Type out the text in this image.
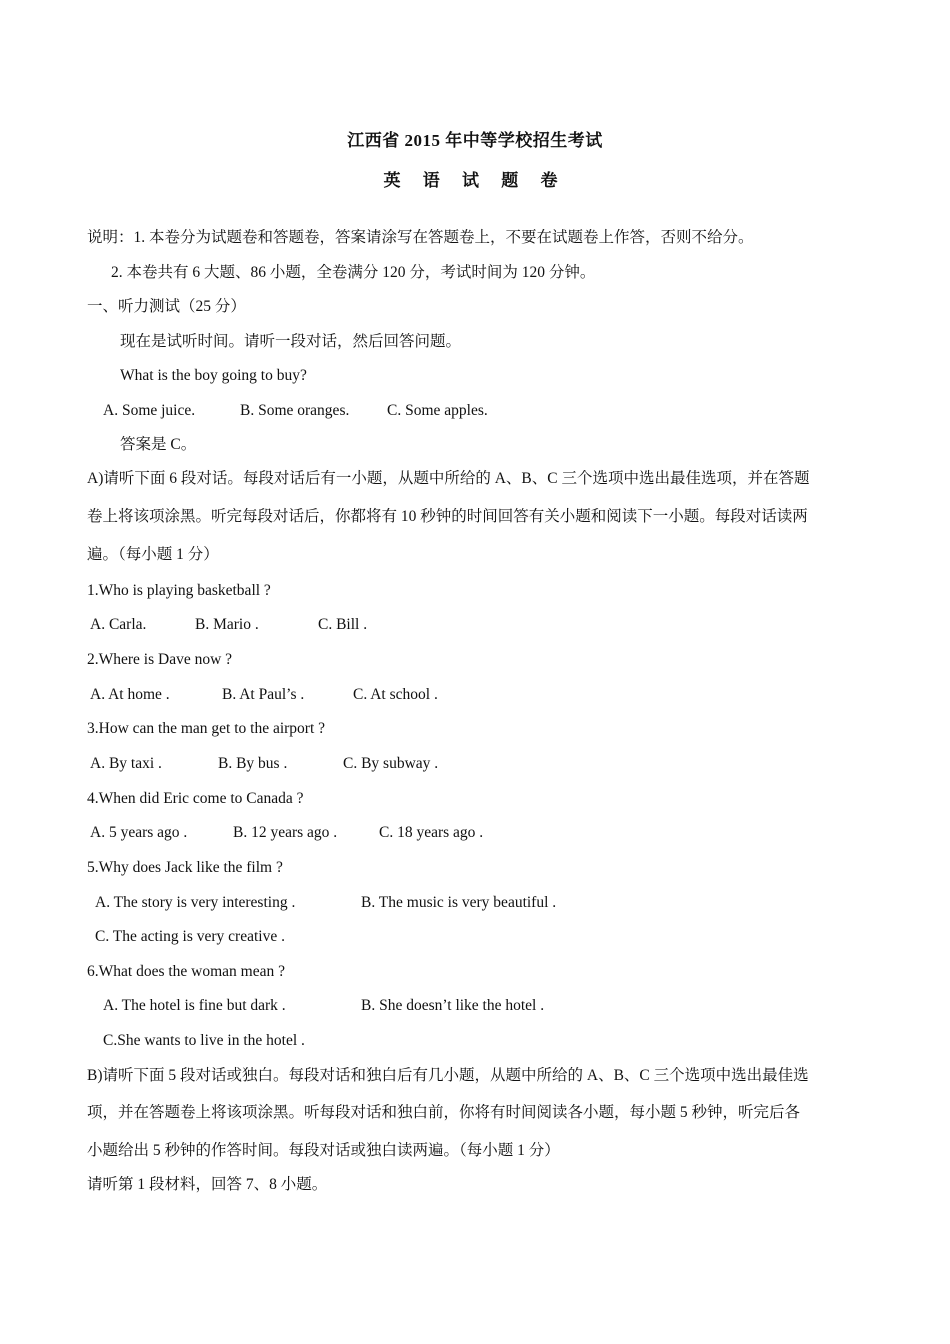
江西省 2015 年中等学校招生考试
英 语 试 题 卷
说明：1. 本卷分为试题卷和答题卷，答案请涂写在答题卷上，不要在试题卷上作答，否则不给分。
2. 本卷共有 6 大题、86 小题，全卷满分 120 分，考试时间为 120 分钟。
一、听力测试（25 分）
现在是试听时间。请听一段对话，然后回答问题。
What is the boy going to buy?
A. Some juice.	B. Some oranges. C. Some apples.
答案是 C。
A)请听下面 6 段对话。每段对话后有一小题，从题中所给的 A、B、C 三个选项中选出最佳选项，并在答题
卷上将该项涂黑。听完每段对话后，你都将有 10 秒钟的时间回答有关小题和阅读下一小题。每段对话读两
遍。（每小题 1 分）
1.Who is playing basketball ?
A. Carla.	B. Mario .	C. Bill .
2.Where is Dave now ?
A. At home .	B. At Paul’s .	C. At school .
3.How can the man get to the airport ?
A. By taxi .	B. By bus .	C. By subway .
4.When did Eric come to Canada ?
A. 5 years ago .	B. 12 years ago .	C. 18 years ago .
5.Why does Jack like the film ?
A. The story is very interesting .	B. The music is very beautiful .
C. The acting is very creative .
6.What does the woman mean ?
A. The hotel is fine but dark .	B. She doesn’t like the hotel .
C.She wants to live in the hotel .
B)请听下面 5 段对话或独白。每段对话和独白后有几小题，从题中所给的 A、B、C 三个选项中选出最佳选
项，并在答题卷上将该项涂黑。听每段对话和独白前，你将有时间阅读各小题，每小题 5 秒钟，听完后各
小题给出 5 秒钟的作答时间。每段对话或独白读两遍。（每小题 1 分）
请听第 1 段材料，回答 7、8 小题。
